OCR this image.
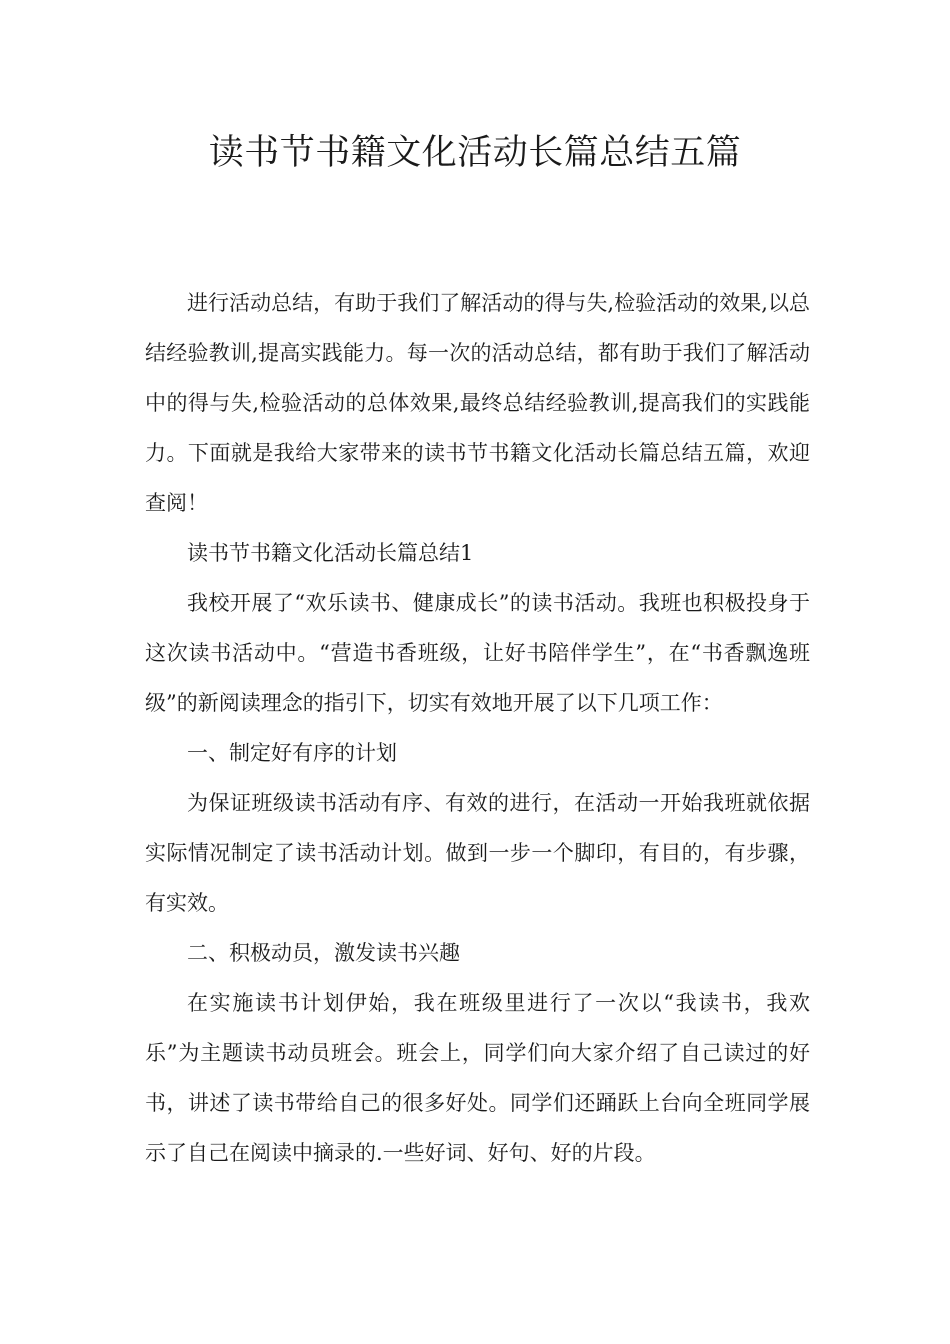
读书节书籍文化活动长篇总结五篇

进行活动总结，有助于我们了解活动的得与失,检验活动的效果,以总结经验教训,提高实践能力。每一次的活动总结，都有助于我们了解活动中的得与失,检验活动的总体效果,最终总结经验教训,提高我们的实践能力。下面就是我给大家带来的读书节书籍文化活动长篇总结五篇，欢迎查阅！

读书节书籍文化活动长篇总结1

我校开展了“欢乐读书、健康成长”的读书活动。我班也积极投身于这次读书活动中。“营造书香班级，让好书陪伴学生”，在“书香飘逸班级”的新阅读理念的指引下，切实有效地开展了以下几项工作：

一、制定好有序的计划

为保证班级读书活动有序、有效的进行，在活动一开始我班就依据实际情况制定了读书活动计划。做到一步一个脚印，有目的，有步骤，有实效。

二、积极动员，激发读书兴趣

在实施读书计划伊始，我在班级里进行了一次以“我读书，我欢乐”为主题读书动员班会。班会上，同学们向大家介绍了自己读过的好书，讲述了读书带给自己的很多好处。同学们还踊跃上台向全班同学展示了自己在阅读中摘录的.一些好词、好句、好的片段。
